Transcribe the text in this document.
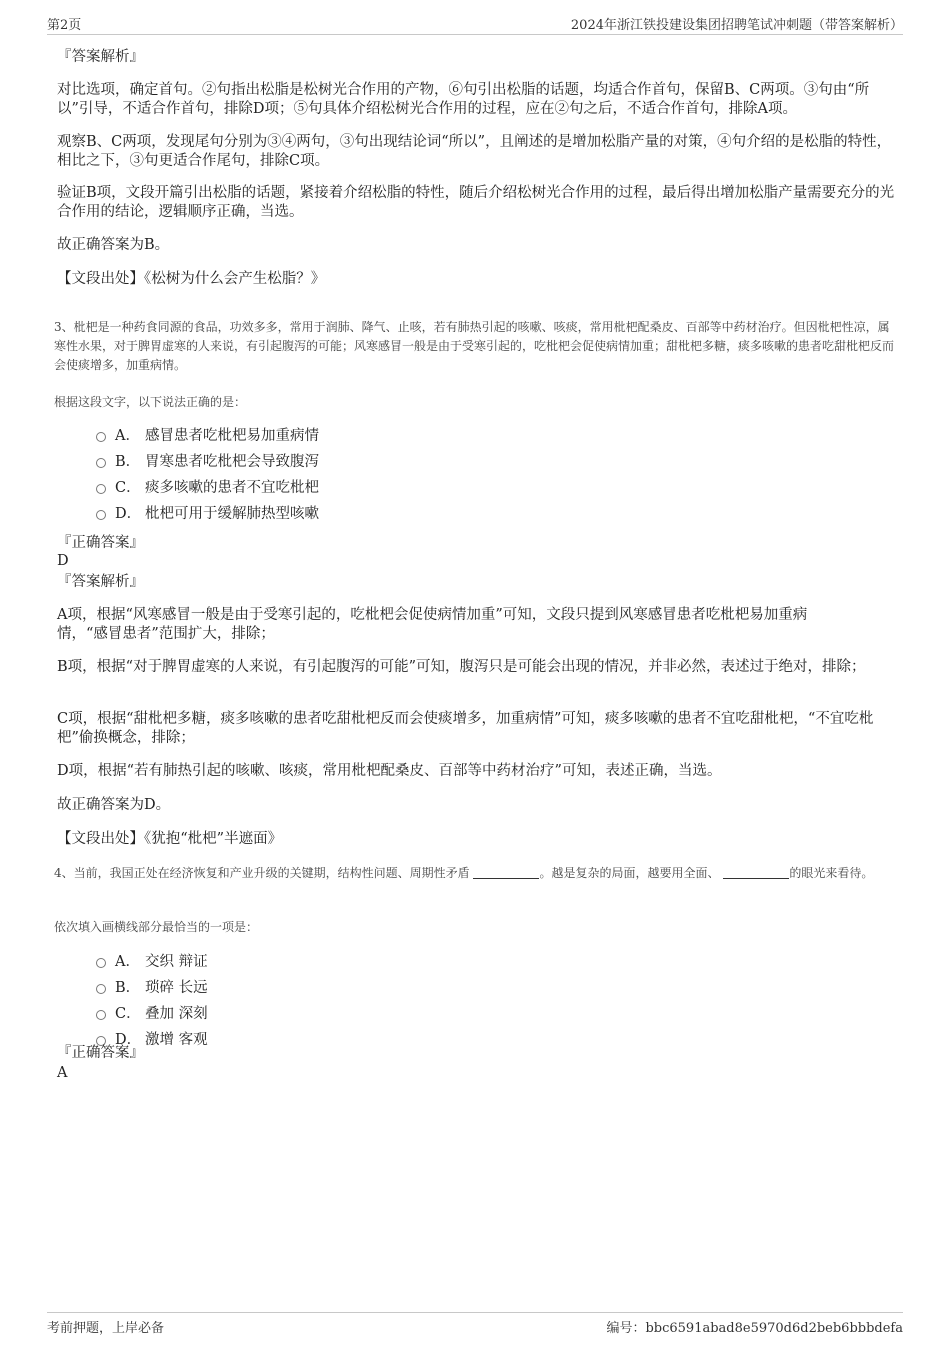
第2页	2024年浙江铁投建设集团招聘笔试冲刺题（带答案解析）
『答案解析』
对比选项，确定首句。②句指出松脂是松树光合作用的产物，⑥句引出松脂的话题，均适合作首句，保留B、C两项。③句由“所以”引导，不适合作首句，排除D项；⑤句具体介绍松树光合作用的过程，应在②句之后，不适合作首句，排除A项。
观察B、C两项，发现尾句分别为③④两句，③句出现结论词“所以”，且阐述的是增加松脂产量的对策，④句介绍的是松脂的特性，相比之下，③句更适合作尾句，排除C项。
验证B项，文段开篇引出松脂的话题，紧接着介绍松脂的特性，随后介绍松树光合作用的过程，最后得出增加松脂产量需要充分的光合作用的结论，逻辑顺序正确，当选。
故正确答案为B。
【文段出处】《松树为什么会产生松脂？》
3、枇杷是一种药食同源的食品，功效多多，常用于润肺、降气、止咳，若有肺热引起的咳嗽、咳痰，常用枇杷配桑皮、百部等中药材治疗。但因枇杷性凉，属寒性水果，对于脾胃虚寒的人来说，有引起腹泻的可能；风寒感冒一般是由于受寒引起的，吃枇杷会促使病情加重；甜枇杷多糖，痰多咳嗽的患者吃甜枇杷反而会使痰增多，加重病情。
根据这段文字，以下说法正确的是：
A． 感冒患者吃枇杷易加重病情
B． 胃寒患者吃枇杷会导致腹泻
C． 痰多咳嗽的患者不宜吃枇杷
D． 枇杷可用于缓解肺热型咳嗽
『正确答案』
D
『答案解析』
A项，根据“风寒感冒一般是由于受寒引起的，吃枇杷会促使病情加重”可知，文段只提到风寒感冒患者吃枇杷易加重病情，“感冒患者”范围扩大，排除；
B项，根据“对于脾胃虚寒的人来说，有引起腹泻的可能”可知，腹泻只是可能会出现的情况，并非必然，表述过于绝对，排除；
C项，根据“甜枇杷多糖，痰多咳嗽的患者吃甜枇杷反而会使痰增多，加重病情”可知，痰多咳嗽的患者不宜吃甜枇杷，“不宜吃枇杷”偷换概念，排除；
D项，根据“若有肺热引起的咳嗽、咳痰，常用枇杷配桑皮、百部等中药材治疗”可知，表述正确，当选。
故正确答案为D。
【文段出处】《犹抱“枇杷”半遮面》
4、当前，我国正处在经济恢复和产业升级的关键期，结构性问题、周期性矛盾	。越是复杂的局面，越要用全面、	的眼光来看待。
依次填入画横线部分最恰当的一项是：
A． 交织 辩证
B． 琐碎 长远
C． 叠加 深刻
D． 激增 客观
『正确答案』
A
考前押题，上岸必备	编号：bbc6591abad8e5970d6d2beb6bbbdefa
